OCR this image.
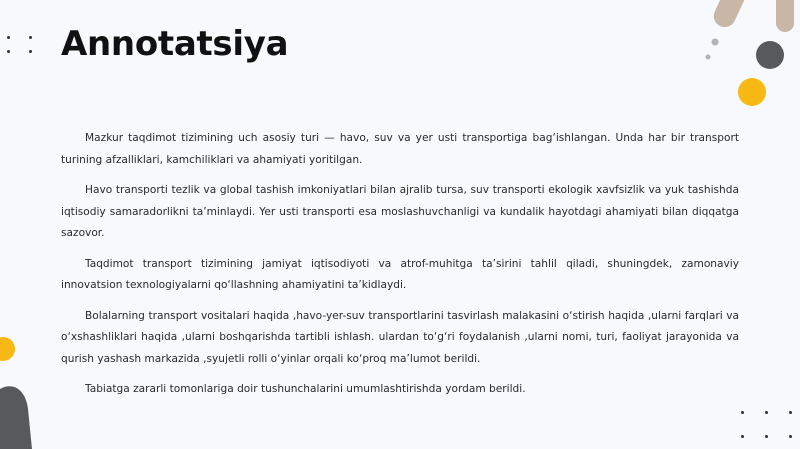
Annotatsiya

Mazkur taqdimot tizimining uch asosiy turi — havo, suv va yer usti transportiga bag‘ishlangan. Unda har bir transport turining afzalliklari, kamchiliklari va ahamiyati yoritilgan.

Havo transporti tezlik va global tashish imkoniyatlari bilan ajralib tursa, suv transporti ekologik xavfsizlik va yuk tashishda iqtisodiy samaradorlikni ta’minlaydi. Yer usti transporti esa moslashuvchanligi va kundalik hayotdagi ahamiyati bilan diqqatga sazovor.

Taqdimot transport tizimining jamiyat iqtisodiyoti va atrof-muhitga ta’sirini tahlil qiladi, shuningdek, zamonaviy innovatsion texnologiyalarni qo‘llashning ahamiyatini ta’kidlaydi.

Bolalarning transport vositalari haqida ,havo-yer-suv transportlarini tasvirlash malakasini o‘stirish haqida ,ularni farqlari va o‘xshashliklari haqida ,ularni boshqarishda tartibli ishlash. ulardan to‘g‘ri foydalanish ,ularni nomi, turi, faoliyat jarayonida va qurish yashash markazida ,syujetli rolli o‘yinlar orqali ko‘proq ma’lumot berildi.

Tabiatga zararli tomonlariga doir tushunchalarini umumlashtirishda yordam berildi.
